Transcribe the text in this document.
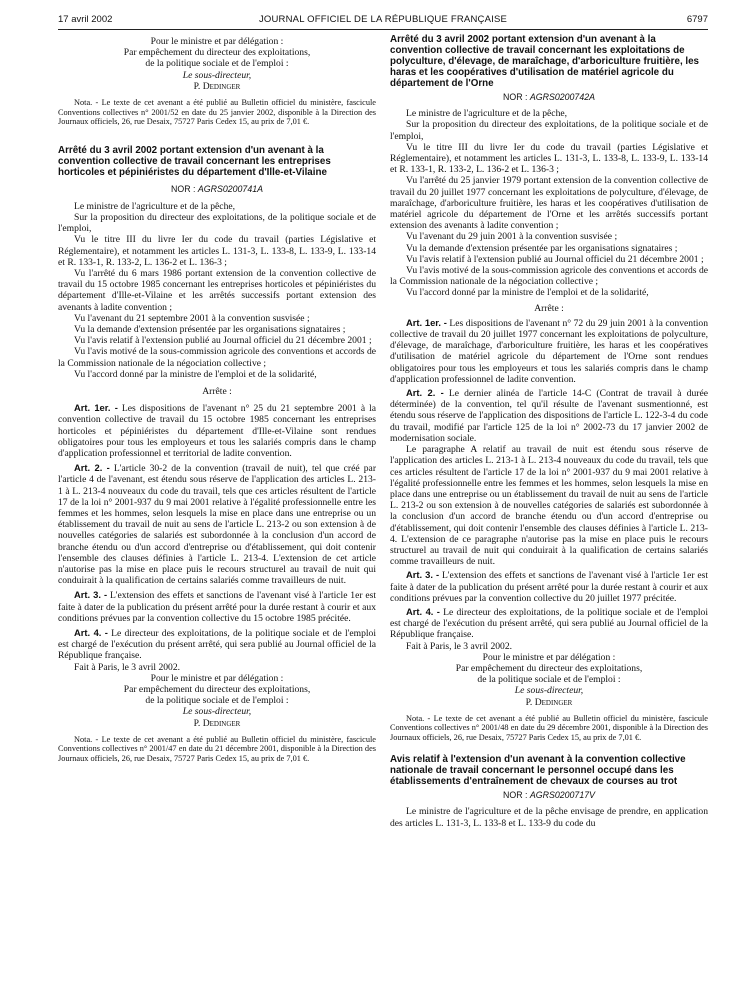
17 avril 2002	JOURNAL OFFICIEL DE LA RÉPUBLIQUE FRANÇAISE	6797
Pour le ministre et par délégation :
Par empêchement du directeur des exploitations,
de la politique sociale et de l'emploi :
Le sous-directeur,
P. Dedinger

Nota. - Le texte de cet avenant a été publié au Bulletin officiel du ministère, fascicule Conventions collectives n° 2001/52 en date du 25 janvier 2002, disponible à la Direction des Journaux officiels, 26, rue Desaix, 75727 Paris Cedex 15, au prix de 7,01 €.

Arrêté du 3 avril 2002 portant extension d'un avenant à la convention collective de travail concernant les entreprises horticoles et pépiniéristes du département d'Ille-et-Vilaine

NOR : AGRS0200741A

Le ministre de l'agriculture et de la pêche,

Sur la proposition du directeur des exploitations, de la politique sociale et de l'emploi,

Vu le titre III du livre Ier du code du travail (parties Législative et Réglementaire), et notamment les articles L. 131-3, L. 133-8, L. 133-9, L. 133-14 et R. 133-1, R. 133-2, L. 136-2 et L. 136-3 ;

Vu l'arrêté du 6 mars 1986 portant extension de la convention collective de travail du 15 octobre 1985 concernant les entreprises horticoles et pépiniéristes du département d'Ille-et-Vilaine et les arrêtés successifs portant extension des avenants à ladite convention ;

Vu l'avenant du 21 septembre 2001 à la convention susvisée ;

Vu la demande d'extension présentée par les organisations signataires ;

Vu l'avis relatif à l'extension publié au Journal officiel du 21 décembre 2001 ;

Vu l'avis motivé de la sous-commission agricole des conventions et accords de la Commission nationale de la négociation collective ;

Vu l'accord donné par la ministre de l'emploi et de la solidarité,

Arrête :

Art. 1er. - Les dispositions de l'avenant n° 25 du 21 septembre 2001 à la convention collective de travail du 15 octobre 1985 concernant les entreprises horticoles et pépiniéristes du département d'Ille-et-Vilaine sont rendues obligatoires pour tous les employeurs et tous les salariés compris dans le champ d'application professionnel et territorial de ladite convention.

Art. 2. - L'article 30-2 de la convention (travail de nuit), tel que créé par l'article 4 de l'avenant, est étendu sous réserve de l'application des articles L. 213-1 à L. 213-4 nouveaux du code du travail, tels que ces articles résultent de l'article 17 de la loi n° 2001-937 du 9 mai 2001 relative à l'égalité professionnelle entre les femmes et les hommes, selon lesquels la mise en place dans une entreprise ou un établissement du travail de nuit au sens de l'article L. 213-2 ou son extension à de nouvelles catégories de salariés est subordonnée à la conclusion d'un accord de branche étendu ou d'un accord d'entreprise ou d'établissement, qui doit contenir l'ensemble des clauses définies à l'article L. 213-4. L'extension de cet article n'autorise pas la mise en place puis le recours structurel au travail de nuit qui conduirait à la qualification de certains salariés comme travailleurs de nuit.

Art. 3. - L'extension des effets et sanctions de l'avenant visé à l'article 1er est faite à dater de la publication du présent arrêté pour la durée restant à courir et aux conditions prévues par la convention collective du 15 octobre 1985 précitée.

Art. 4. - Le directeur des exploitations, de la politique sociale et de l'emploi est chargé de l'exécution du présent arrêté, qui sera publié au Journal officiel de la République française.

Fait à Paris, le 3 avril 2002.

Pour le ministre et par délégation :
Par empêchement du directeur des exploitations,
de la politique sociale et de l'emploi :
Le sous-directeur,
P. Dedinger

Nota. - Le texte de cet avenant a été publié au Bulletin officiel du ministère, fascicule Conventions collectives n° 2001/47 en date du 21 décembre 2001, disponible à la Direction des Journaux officiels, 26, rue Desaix, 75727 Paris Cedex 15, au prix de 7,01 €.

Arrêté du 3 avril 2002 portant extension d'un avenant à la convention collective de travail concernant les exploitations de polyculture, d'élevage, de maraîchage, d'arboriculture fruitière, les haras et les coopératives d'utilisation de matériel agricole du département de l'Orne

NOR : AGRS0200742A

Le ministre de l'agriculture et de la pêche,

Sur la proposition du directeur des exploitations, de la politique sociale et de l'emploi,

Vu le titre III du livre Ier du code du travail (parties Législative et Réglementaire), et notamment les articles L. 131-3, L. 133-8, L. 133-9, L. 133-14 et R. 133-1, R. 133-2, L. 136-2 et L. 136-3 ;

Vu l'arrêté du 25 janvier 1979 portant extension de la convention collective de travail du 20 juillet 1977 concernant les exploitations de polyculture, d'élevage, de maraîchage, d'arboriculture fruitière, les haras et les coopératives d'utilisation de matériel agricole du département de l'Orne et les arrêtés successifs portant extension des avenants à ladite convention ;

Vu l'avenant du 29 juin 2001 à la convention susvisée ;

Vu la demande d'extension présentée par les organisations signataires ;

Vu l'avis relatif à l'extension publié au Journal officiel du 21 décembre 2001 ;

Vu l'avis motivé de la sous-commission agricole des conventions et accords de la Commission nationale de la négociation collective ;

Vu l'accord donné par la ministre de l'emploi et de la solidarité,

Arrête :

Art. 1er. - Les dispositions de l'avenant n° 72 du 29 juin 2001 à la convention collective de travail du 20 juillet 1977 concernant les exploitations de polyculture, d'élevage, de maraîchage, d'arboriculture fruitière, les haras et les coopératives d'utilisation de matériel agricole du département de l'Orne sont rendues obligatoires pour tous les employeurs et tous les salariés compris dans le champ d'application professionnel de ladite convention.

Art. 2. - Le dernier alinéa de l'article 14-C (Contrat de travail à durée déterminée) de la convention, tel qu'il résulte de l'avenant susmentionné, est étendu sous réserve de l'application des dispositions de l'article L. 122-3-4 du code du travail, modifié par l'article 125 de la loi n° 2002-73 du 17 janvier 2002 de modernisation sociale.

Le paragraphe A relatif au travail de nuit est étendu sous réserve de l'application des articles L. 213-1 à L. 213-4 nouveaux du code du travail, tels que ces articles résultent de l'article 17 de la loi n° 2001-937 du 9 mai 2001 relative à l'égalité professionnelle entre les femmes et les hommes, selon lesquels la mise en place dans une entreprise ou un établissement du travail de nuit au sens de l'article L. 213-2 ou son extension à de nouvelles catégories de salariés est subordonnée à la conclusion d'un accord de branche étendu ou d'un accord d'entreprise ou d'établissement, qui doit contenir l'ensemble des clauses définies à l'article L. 213-4. L'extension de ce paragraphe n'autorise pas la mise en place puis le recours structurel au travail de nuit qui conduirait à la qualification de certains salariés comme travailleurs de nuit.

Art. 3. - L'extension des effets et sanctions de l'avenant visé à l'article 1er est faite à dater de la publication du présent arrêté pour la durée restant à courir et aux conditions prévues par la convention collective du 20 juillet 1977 précitée.

Art. 4. - Le directeur des exploitations, de la politique sociale et de l'emploi est chargé de l'exécution du présent arrêté, qui sera publié au Journal officiel de la République française.

Fait à Paris, le 3 avril 2002.

Pour le ministre et par délégation :
Par empêchement du directeur des exploitations,
de la politique sociale et de l'emploi :
Le sous-directeur,
P. Dedinger

Nota. - Le texte de cet avenant a été publié au Bulletin officiel du ministère, fascicule Conventions collectives n° 2001/48 en date du 29 décembre 2001, disponible à la Direction des Journaux officiels, 26, rue Desaix, 75727 Paris Cedex 15, au prix de 7,01 €.

Avis relatif à l'extension d'un avenant à la convention collective nationale de travail concernant le personnel occupé dans les établissements d'entraînement de chevaux de courses au trot

NOR : AGRS0200717V

Le ministre de l'agriculture et de la pêche envisage de prendre, en application des articles L. 131-3, L. 133-8 et L. 133-9 du code du
